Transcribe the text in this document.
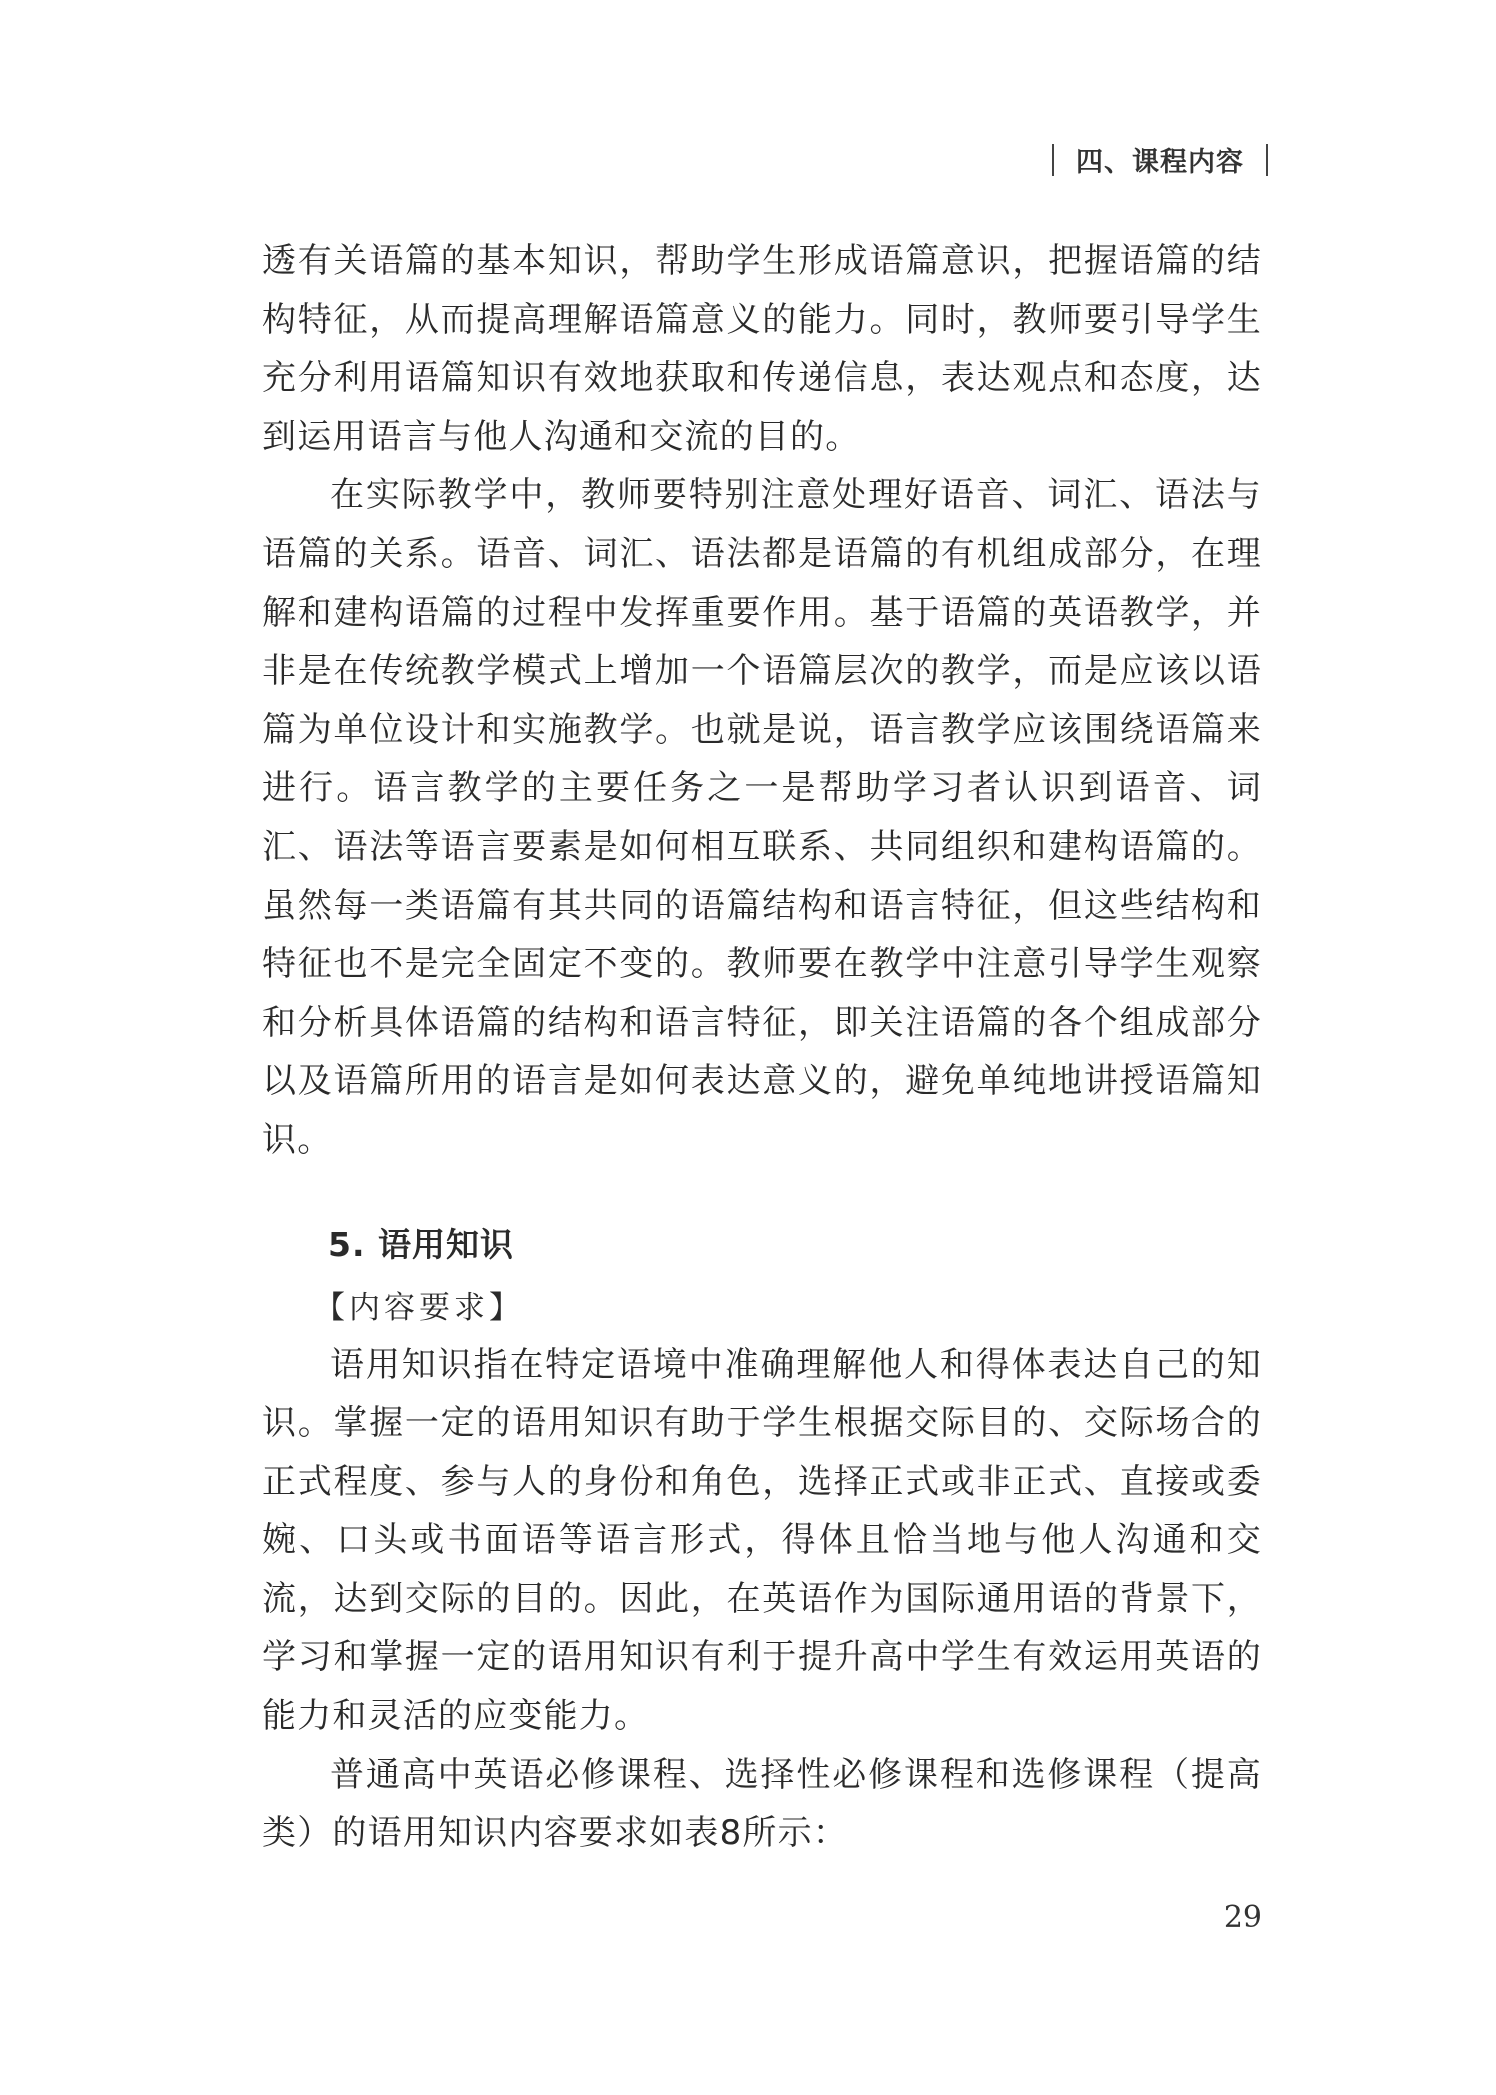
四、课程内容

透有关语篇的基本知识，帮助学生形成语篇意识，把握语篇的结构特征，从而提高理解语篇意义的能力。同时，教师要引导学生充分利用语篇知识有效地获取和传递信息，表达观点和态度，达到运用语言与他人沟通和交流的目的。

在实际教学中，教师要特别注意处理好语音、词汇、语法与语篇的关系。语音、词汇、语法都是语篇的有机组成部分，在理解和建构语篇的过程中发挥重要作用。基于语篇的英语教学，并非是在传统教学模式上增加一个语篇层次的教学，而是应该以语篇为单位设计和实施教学。也就是说，语言教学应该围绕语篇来进行。语言教学的主要任务之一是帮助学习者认识到语音、词汇、语法等语言要素是如何相互联系、共同组织和建构语篇的。虽然每一类语篇有其共同的语篇结构和语言特征，但这些结构和特征也不是完全固定不变的。教师要在教学中注意引导学生观察和分析具体语篇的结构和语言特征，即关注语篇的各个组成部分以及语篇所用的语言是如何表达意义的，避免单纯地讲授语篇知识。

5. 语用知识
【内容要求】

语用知识指在特定语境中准确理解他人和得体表达自己的知识。掌握一定的语用知识有助于学生根据交际目的、交际场合的正式程度、参与人的身份和角色，选择正式或非正式、直接或委婉、口头或书面语等语言形式，得体且恰当地与他人沟通和交流，达到交际的目的。因此，在英语作为国际通用语的背景下，学习和掌握一定的语用知识有利于提升高中学生有效运用英语的能力和灵活的应变能力。

普通高中英语必修课程、选择性必修课程和选修课程（提高类）的语用知识内容要求如表8所示：

29
